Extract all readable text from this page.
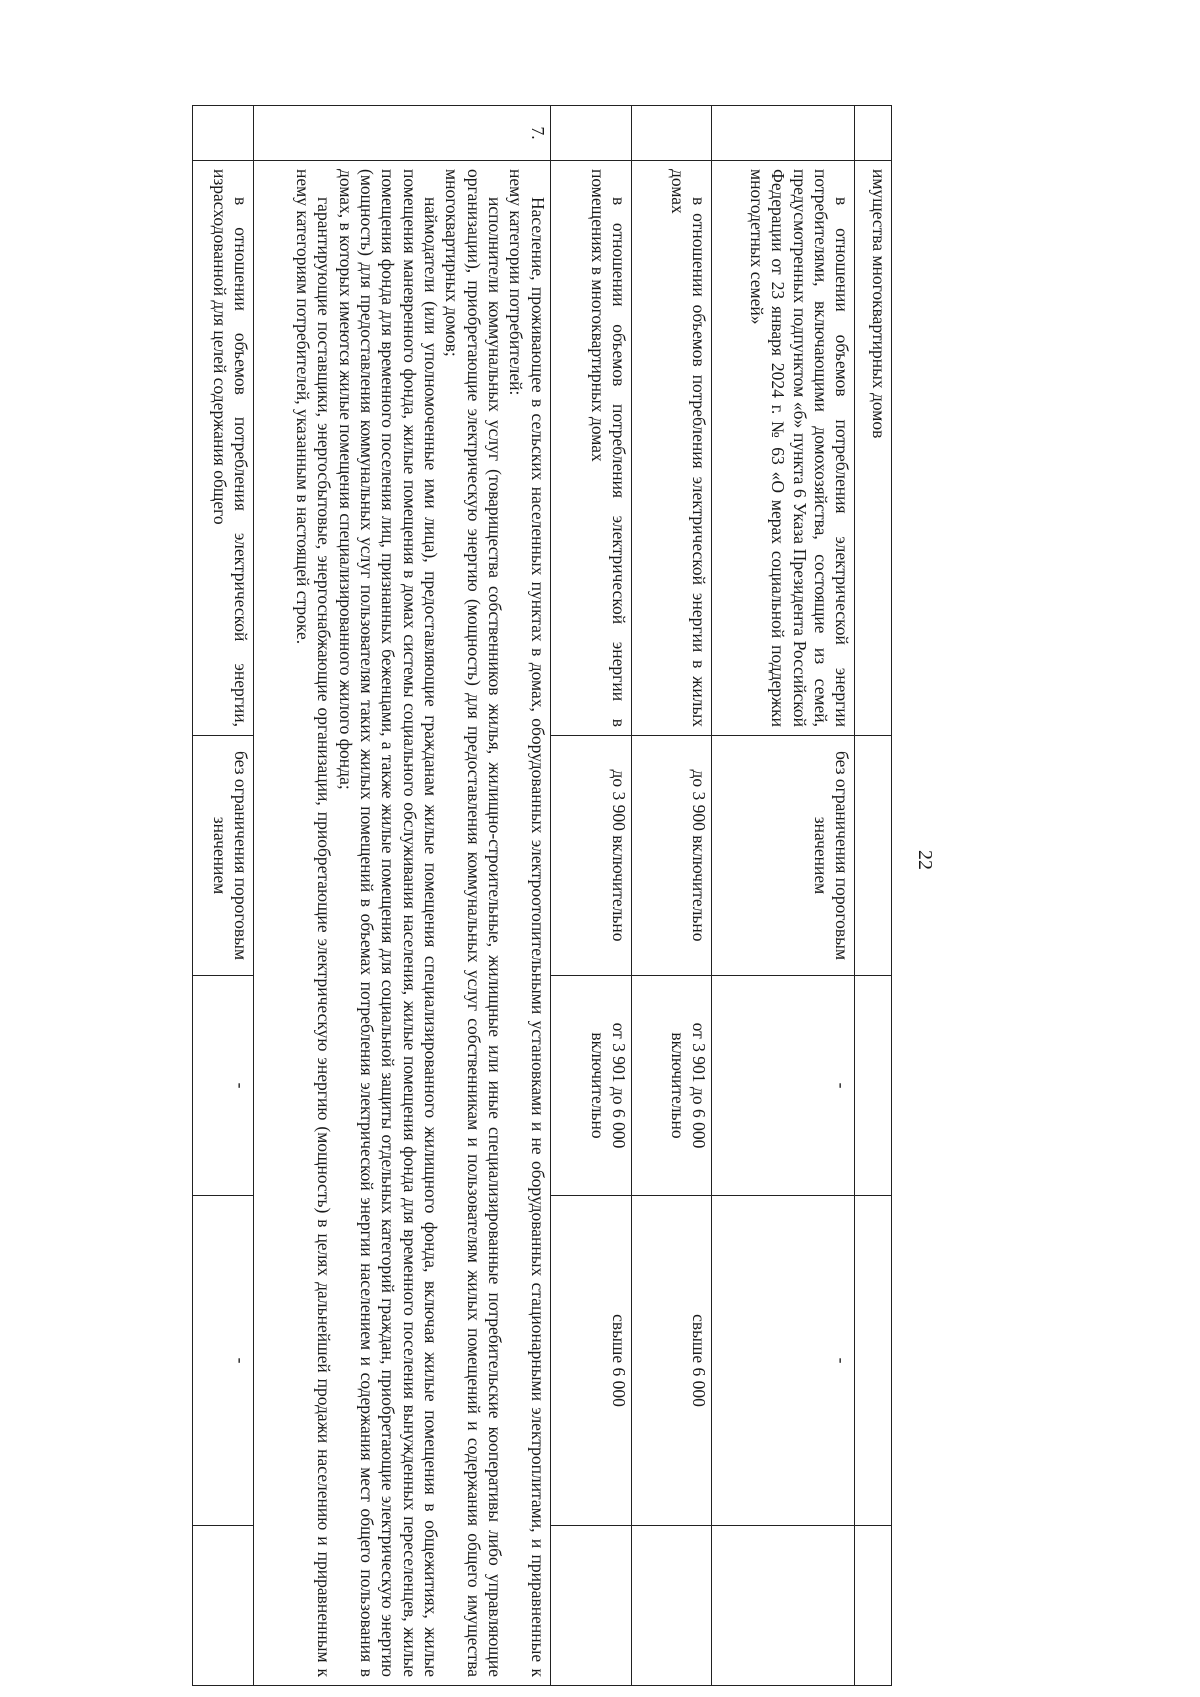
22
	имущества многоквартирных домов				

	в отношении объемов потребления электрической энергии потребителями, включающими домохозяйства, состоящие из семей, предусмотренных подпунктом «б» пункта 6 Указа Президента Российской Федерации от 23 января 2024 г. № 63 «О мерах социальной поддержки многодетных семей»	без ограничения пороговым значением	-	-	

	в отношении объемов потребления электрической энергии в жилых домах	до 3 900 включительно	от 3 901 до 6 000 включительно	свыше 6 000	

	в отношении объемов потребления электрической энергии в помещениях в многоквартирных домах	до 3 900 включительно	от 3 901 до 6 000 включительно	свыше 6 000	
7.	Население, проживающее в сельских населенных пунктах в домах, оборудованных электроотопительными установками и не оборудованных стационарными электроплитами, и приравненные к нему категории потребителей:

исполнители коммунальных услуг (товарищества собственников жилья, жилищно-строительные, жилищные или иные специализированные потребительские кооперативы либо управляющие организации), приобретающие электрическую энергию (мощность) для предоставления коммунальных услуг собственникам и пользователям жилых помещений и содержания общего имущества многоквартирных домов;

наймодатели (или уполномоченные ими лица), предоставляющие гражданам жилые помещения специализированного жилищного фонда, включая жилые помещения в общежитиях, жилые помещения маневренного фонда, жилые помещения в домах системы социального обслуживания населения, жилые помещения фонда для временного поселения вынужденных переселенцев, жилые помещения фонда для временного поселения лиц, признанных беженцами, а также жилые помещения для социальной защиты отдельных категорий граждан, приобретающие электрическую энергию (мощность) для предоставления коммунальных услуг пользователям таких жилых помещений в объемах потребления электрической энергии населением и содержания мест общего пользования в домах, в которых имеются жилые помещения специализированного жилого фонда;

гарантирующие поставщики, энергосбытовые, энергоснабжающие организации, приобретающие электрическую энергию (мощность) в целях дальнейшей продажи населению и приравненным к нему категориям потребителей, указанным в настоящей строке.				

	в отношении объемов потребления электрической энергии, израсходованной для целей содержания общего	без ограничения пороговым значением	-	-	
